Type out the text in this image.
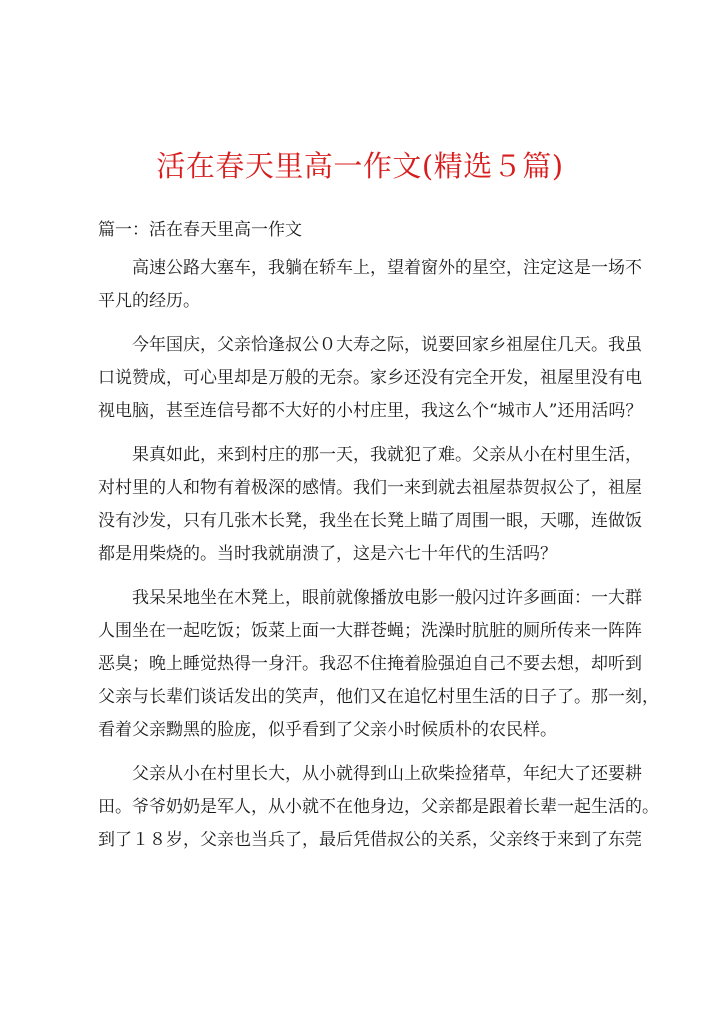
活在春天里高一作文(精选５篇)
篇一：活在春天里高一作文
高速公路大塞车，我躺在轿车上，望着窗外的星空，注定这是一场不
平凡的经历。
今年国庆，父亲恰逢叔公０大寿之际，说要回家乡祖屋住几天。我虽
口说赞成，可心里却是万般的无奈。家乡还没有完全开发，祖屋里没有电
视电脑，甚至连信号都不大好的小村庄里，我这么个“城市人”还用活吗？
果真如此，来到村庄的那一天，我就犯了难。父亲从小在村里生活，
对村里的人和物有着极深的感情。我们一来到就去祖屋恭贺叔公了，祖屋
没有沙发，只有几张木长凳，我坐在长凳上瞄了周围一眼，天哪，连做饭
都是用柴烧的。当时我就崩溃了，这是六七十年代的生活吗？
我呆呆地坐在木凳上，眼前就像播放电影一般闪过许多画面：一大群
人围坐在一起吃饭；饭菜上面一大群苍蝇；洗澡时肮脏的厕所传来一阵阵
恶臭；晚上睡觉热得一身汗。我忍不住掩着脸强迫自己不要去想，却听到
父亲与长辈们谈话发出的笑声，他们又在追忆村里生活的日子了。那一刻，
看着父亲黝黑的脸庞，似乎看到了父亲小时候质朴的农民样。
父亲从小在村里长大，从小就得到山上砍柴捡猪草，年纪大了还要耕
田。爷爷奶奶是军人，从小就不在他身边，父亲都是跟着长辈一起生活的。
到了１８岁，父亲也当兵了，最后凭借叔公的关系，父亲终于来到了东莞
